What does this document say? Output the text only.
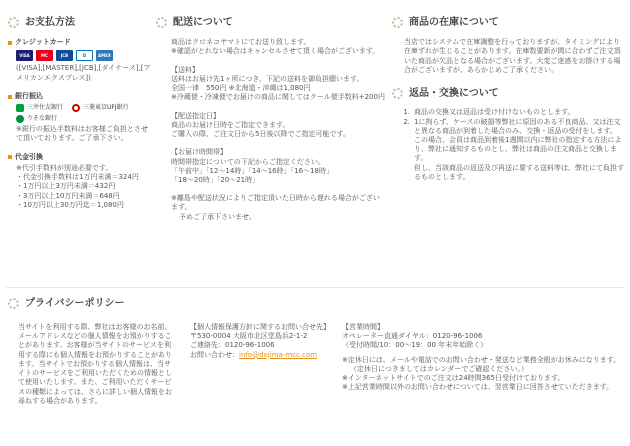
お支払方法
クレジットカード
VISA	MC	JCB	D	AMEX
([VISA],[MASTER],[JCB],[ダイナース],[アメリカンエクスプレス])
銀行振込
三井住友銀行	三菱東京UFJ銀行
りそな銀行
※銀行の振込手数料はお客様ご負担とさせて頂いております。ご了承下さい。
代金引換
※代引手数料が別途必要です。
・代金引換手数料は1万円未満＝324円
・1万円以上3万円未満＝432円
・3万円以上10万円未満＝648円
・10万円以上30万円迄＝1,080円
配送について
商品はクロネコヤマトにてお送り致します。
※確認がとれない場合はキャンセルさせて頂く場合がございます。
【送料】
送料はお届け先1ヶ所につき、下記の送料を御負担願います。
全国一律　550円 ※北海道・沖縄は1,080円
※冷蔵便・冷凍便でお届けの商品に関してはクール便手数料+200円
【配送指定日】
商品のお届け日時をご指定できます。
ご購入の際、ご注文日から5日後以降でご指定可能です。
【お届け時間帯】
時間帯指定についての下記からご指定ください。
「午前中」「12～14時」「14～16時」「16～18時」
「18～20時」「20～21時」
※離島や配送状況によりご指定頂いた日時から遅れる場合がございます。
予めご了承下さいませ。
商品の在庫について
当店ではシステムで在庫調整を行っておりますが、タイミングにより在庫ずれが生じることがあります。在庫数要新が間に合わずご注文頂いた商品が欠品となる場合がございます。大変ご迷惑をお掛けする場合がございますが、あらかじめご了承ください。
返品・交換について
1. 商品の交換又は返品は受け付けないものとします。
2. 1に拘らず、ケースの破損等弊社に原因のある不良商品、又は注文と異なる商品が到着した場合のみ、交換・返品の受付をします。
この場合、会員は商品到着後1週間以内に弊社の指定する方法により、弊社に通知するものとし、弊社は商品の注文商品と交換します。
但し、当該商品の返送及び再送に要する送料等は、弊社にて負担するものとします。
プライバシーポリシー
当サイトを利用する際、弊社はお客様のお名前、メールアドレスなどの個人情報をお預かりすることがあります。お客様が当サイトのサービスを利用する際にも個人情報をお預かりすることがあります。当サイトでお預かりする個人情報は、当サイトのサービスをご利用いただくための情報として使用いたします。また、ご利用いただくサービスの種類によっては、さらに詳しい個人情報をお尋ねする場合があります。
【個人情報保護方針に関するお問い合せ先】
〒530-0004 大阪市北区堂島浜2-1-2
ご連絡先：0120-96-1006
お問い合わせ：info@dojima-mcc.com
【営業時間】
オペレーター直通ダイヤル：0120-96-1006
（受付時間/10：00～19：00 年末年始除く）
※定休日には、メールや電話でのお問い合わせ・発送など業務全般がお休みになります。
（定休日につきましてはカレンダーでご確認ください。）
※インターネットサイトでのご注文は24時間365日受付けております。
※上記営業時間以外のお問い合わせについては、翌営業日に回答させていただきます。
